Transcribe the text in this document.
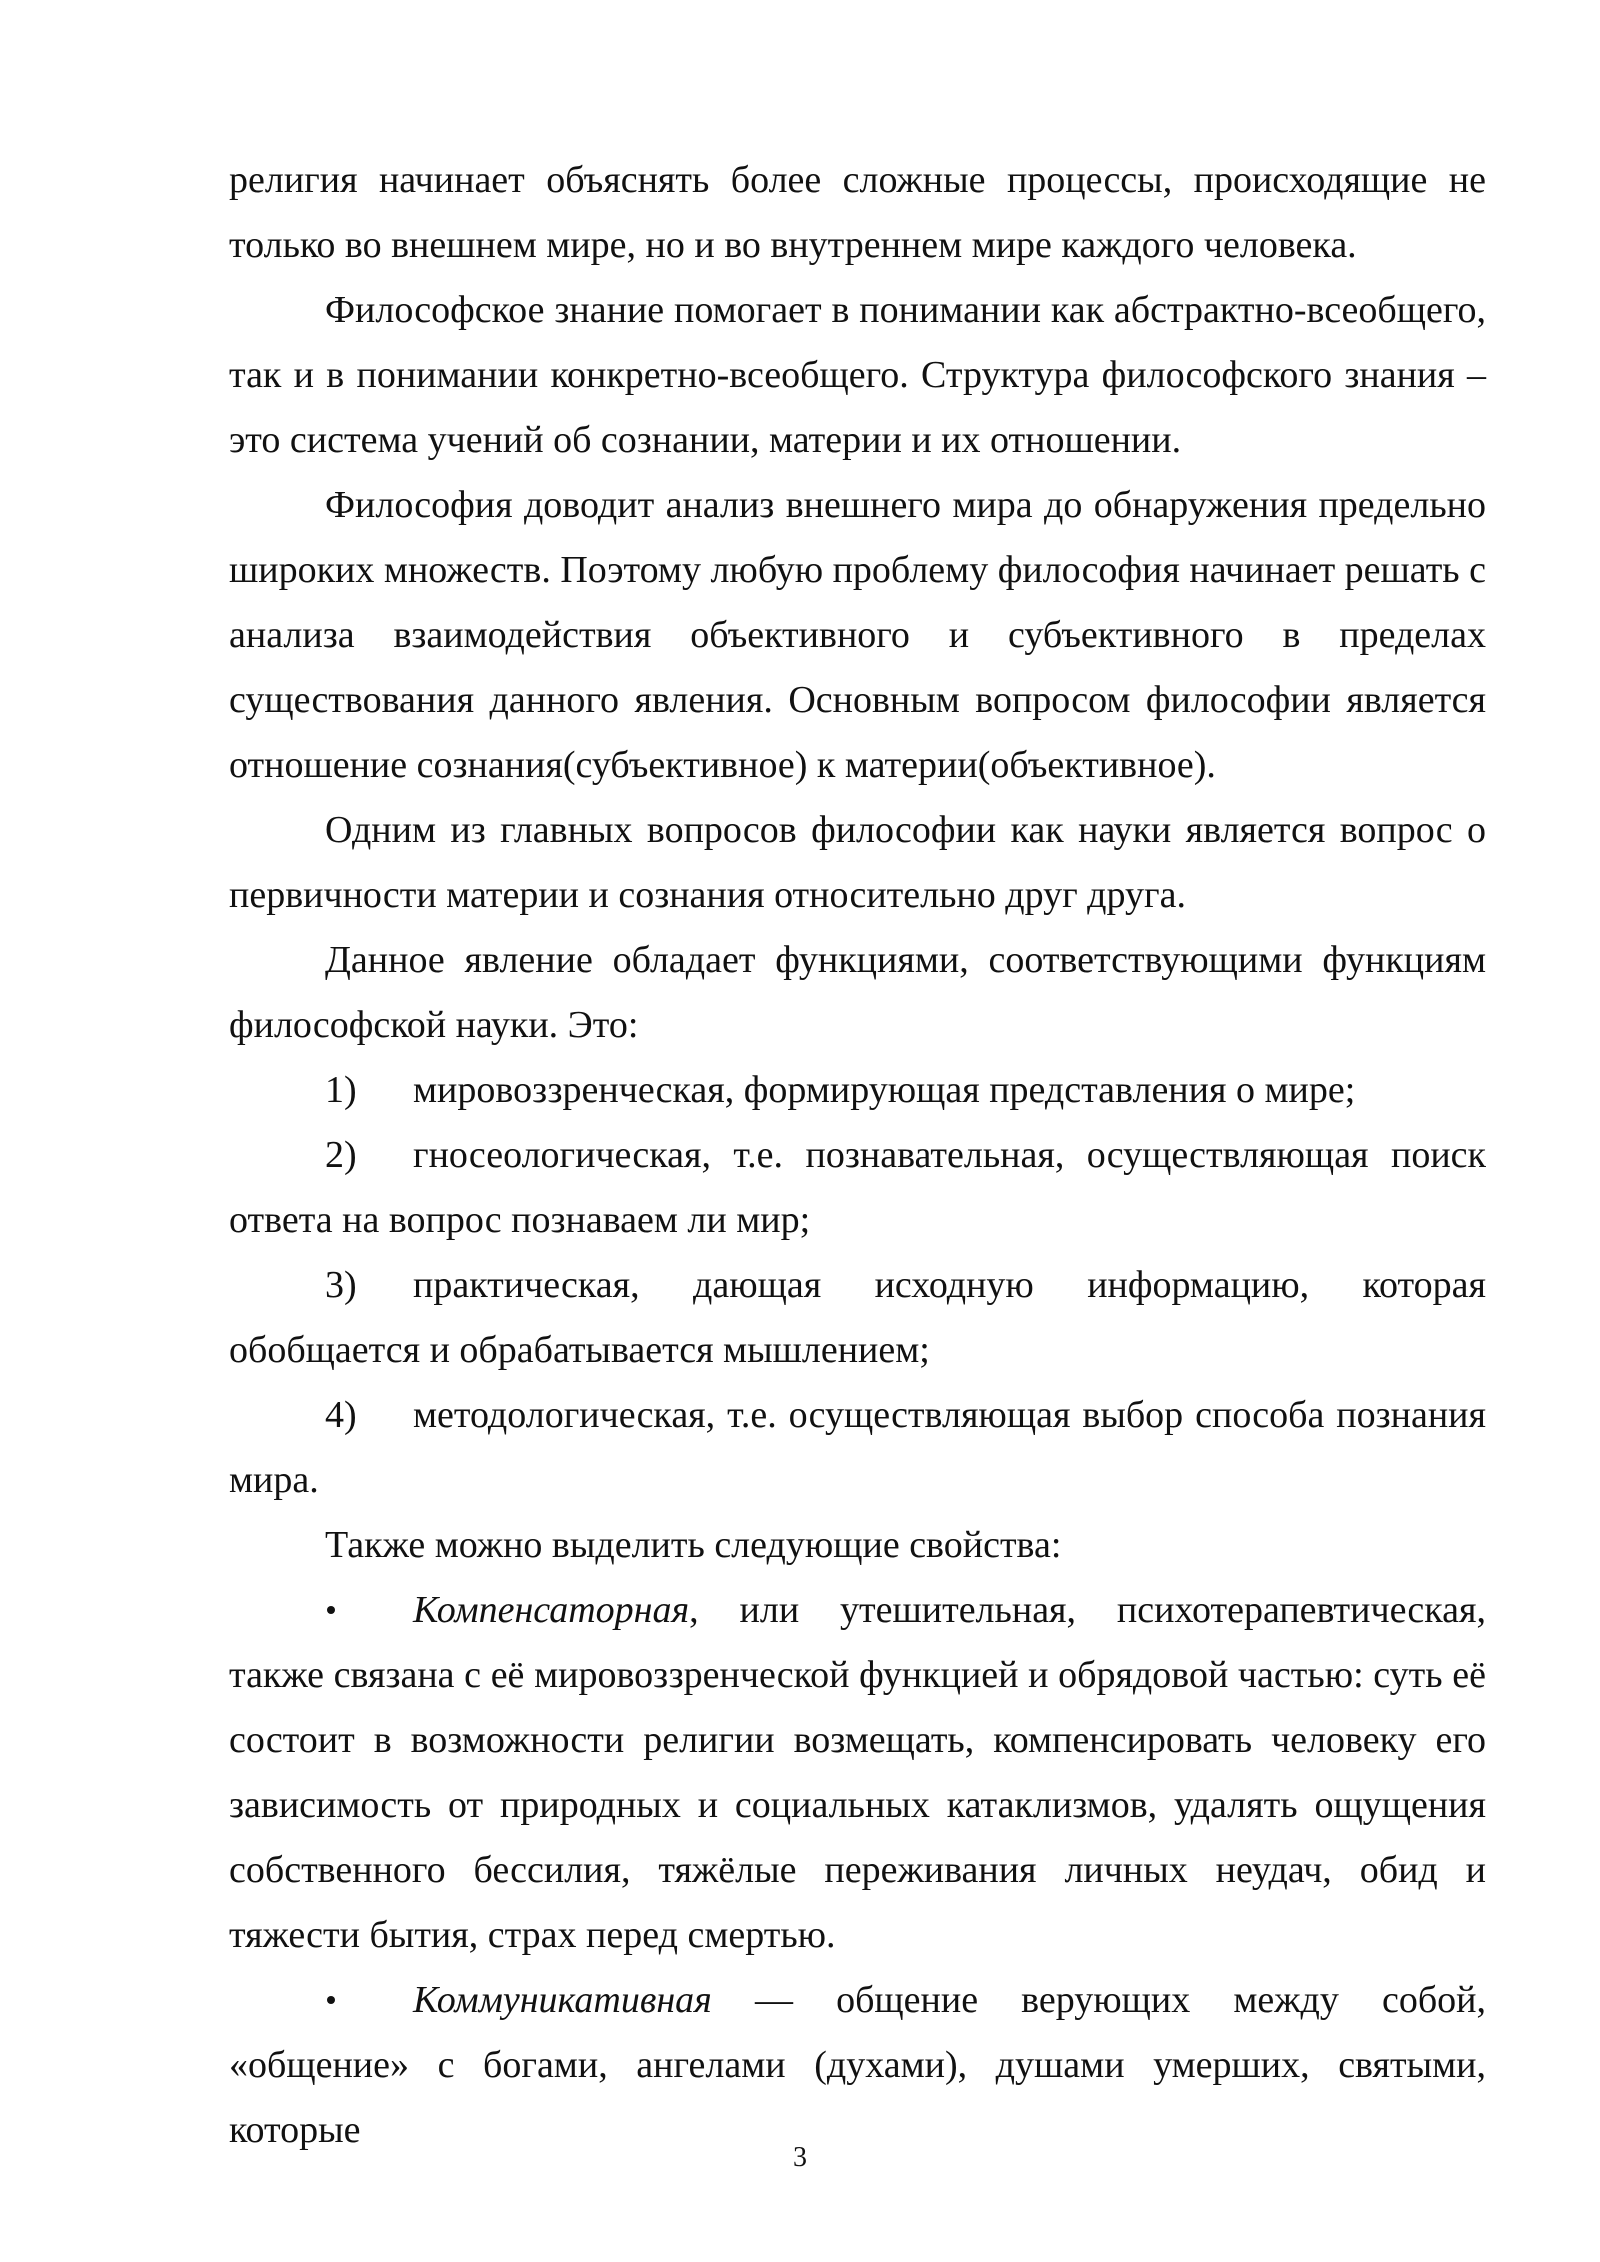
религия начинает объяснять более сложные процессы, происходящие не только во внешнем мире, но и во внутреннем мире каждого человека.

Философское знание помогает в понимании как абстрактно-всеобщего, так и в понимании конкретно-всеобщего. Структура философского знания – это система учений об сознании, материи и их отношении.

Философия доводит анализ внешнего мира до обнаружения предельно широких множеств. Поэтому любую проблему философия начинает решать с анализа взаимодействия объективного и субъективного в пределах существования данного явления. Основным вопросом философии является отношение сознания(субъективное) к материи(объективное).

Одним из главных вопросов философии как науки является вопрос о первичности материи и сознания относительно друг друга.

Данное явление обладает функциями, соответствующими функциям философской науки. Это:

1) мировоззренческая, формирующая представления о мире;

2) гносеологическая, т.е. познавательная, осуществляющая поиск ответа на вопрос познаваем ли мир;

3) практическая, дающая исходную информацию, которая обобщается и обрабатывается мышлением;

4) методологическая, т.е. осуществляющая выбор способа познания мира.

Также можно выделить следующие свойства:

Компенсаторная, или утешительная, психотерапевтическая, также связана с её мировоззренческой функцией и обрядовой частью: суть её состоит в возможности религии возмещать, компенсировать человеку его зависимость от природных и социальных катаклизмов, удалять ощущения собственного бессилия, тяжёлые переживания личных неудач, обид и тяжести бытия, страх перед смертью.

Коммуникативная — общение верующих между собой, «общение» с богами, ангелами (духами), душами умерших, святыми, которые

3
